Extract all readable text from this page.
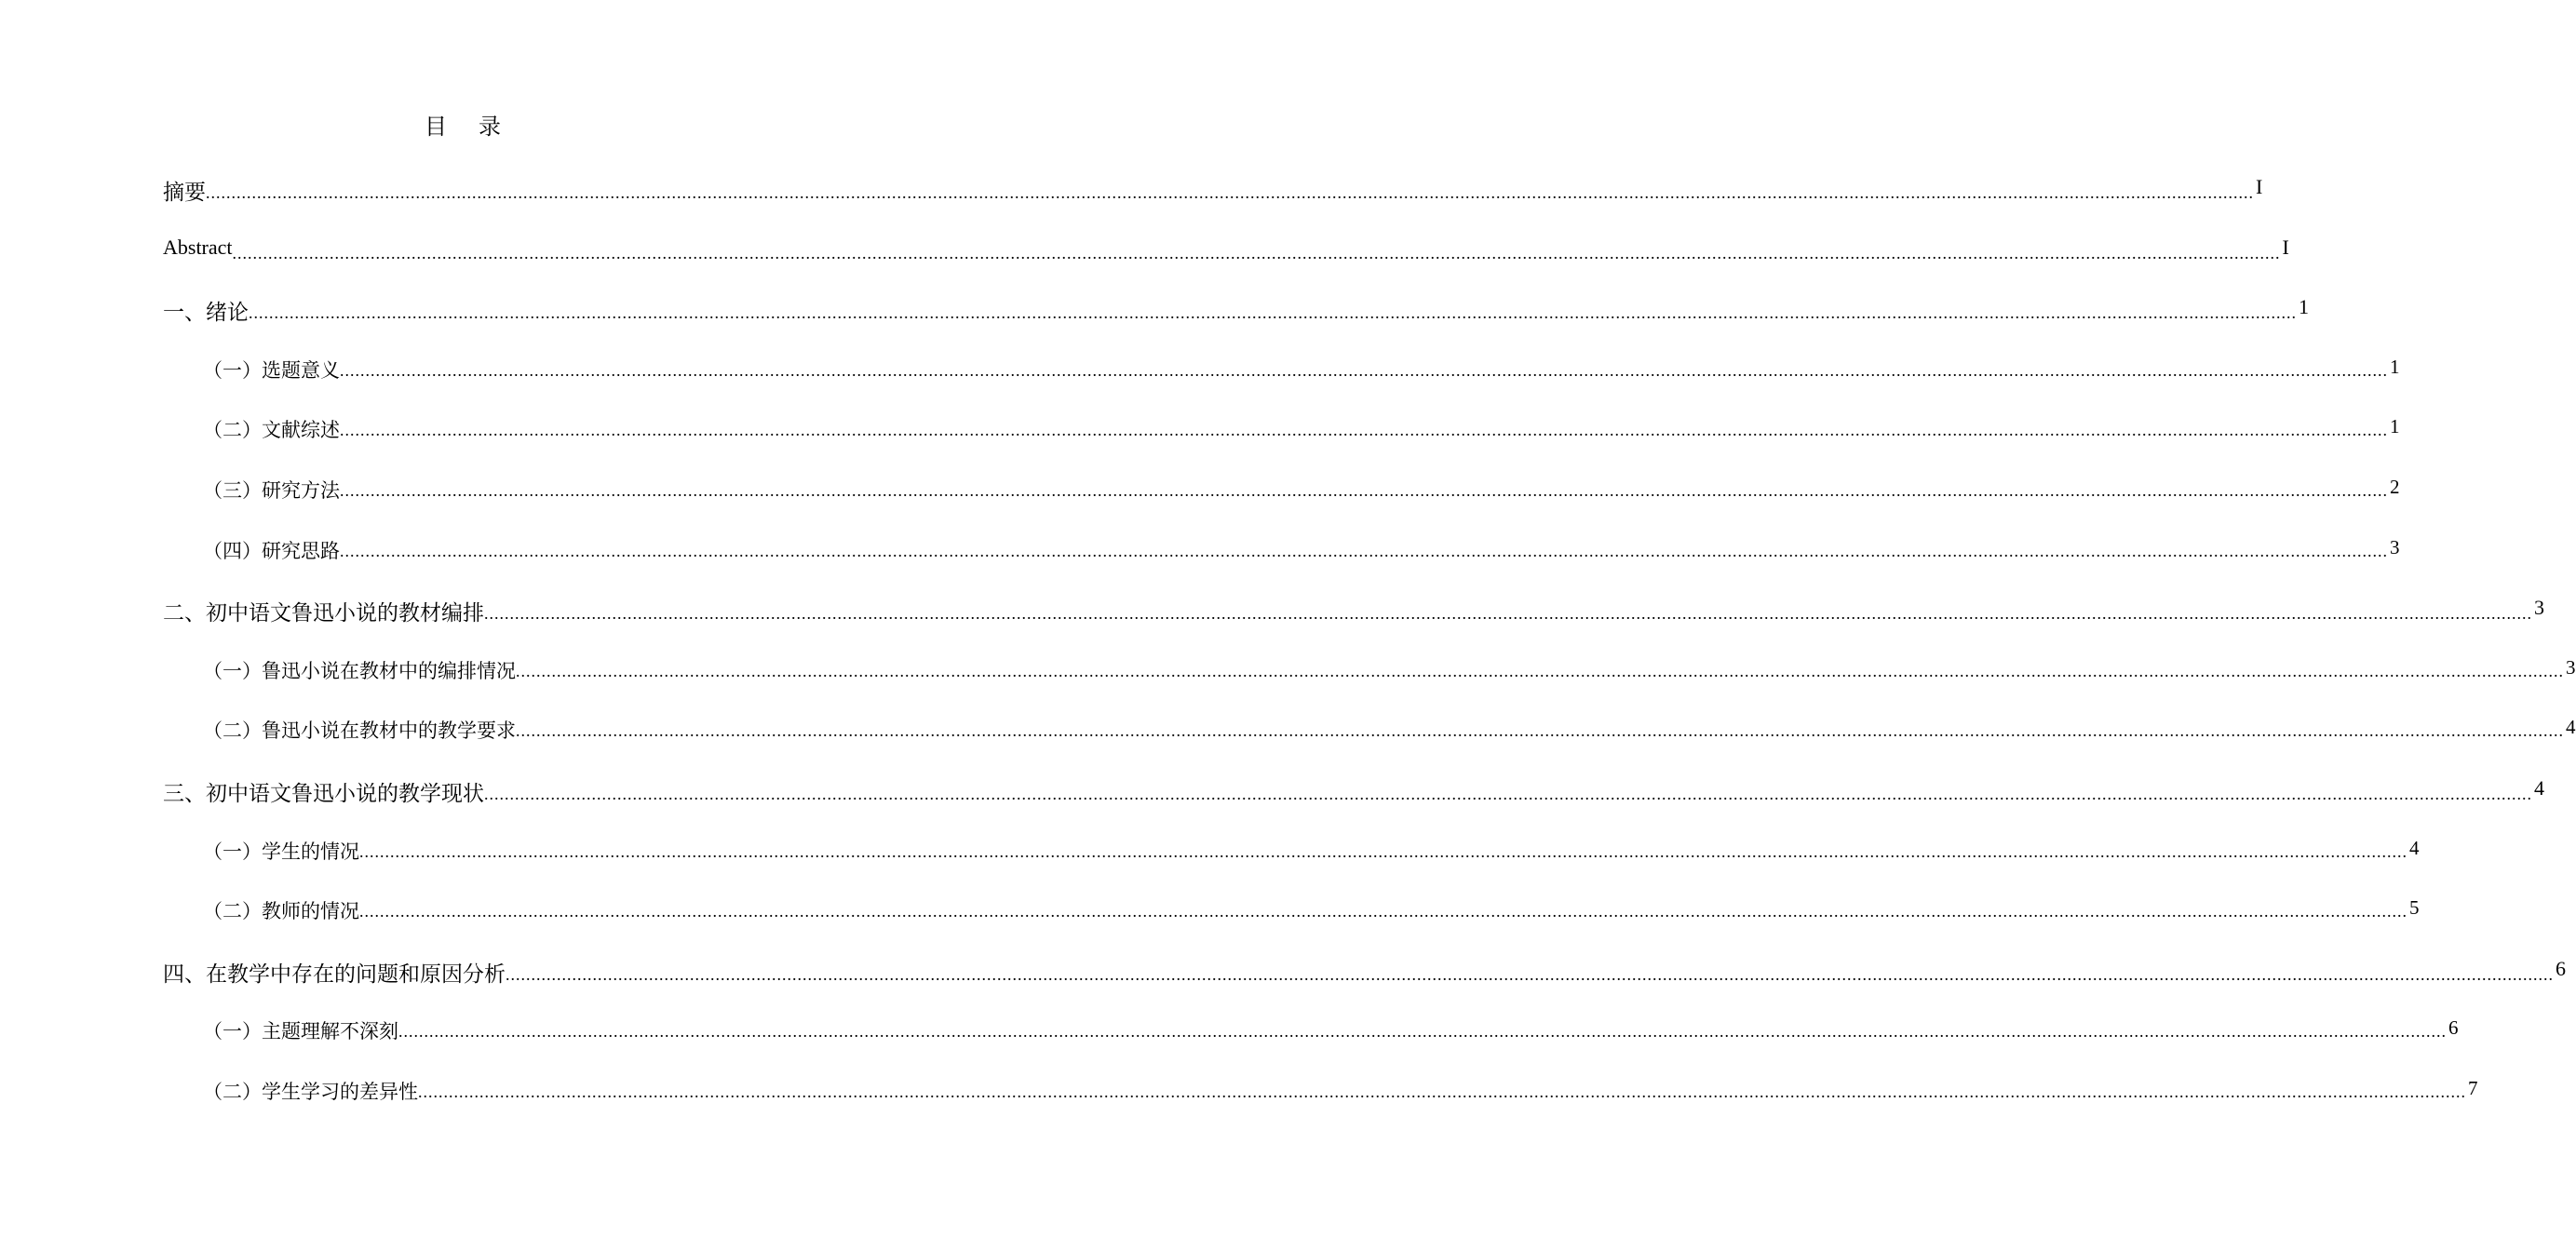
目 录
摘要 ................................................................................................................................................................................................................................................................................................................................................................................................................ I
Abstract ................................................................................................................................................................................................................................................................................................................................................................................................................ I
一、绪论 ................................................................................................................................................................................................................................................................................................................................................................................................................ 1
（一）选题意义 ................................................................................................................................................................................................................................................................................................................................................................................................................ 1
（二）文献综述 ................................................................................................................................................................................................................................................................................................................................................................................................................ 1
（三）研究方法 ................................................................................................................................................................................................................................................................................................................................................................................................................ 2
（四）研究思路 ................................................................................................................................................................................................................................................................................................................................................................................................................ 3
二、初中语文鲁迅小说的教材编排 ................................................................................................................................................................................................................................................................................................................................................................................................................ 3
（一）鲁迅小说在教材中的编排情况 ................................................................................................................................................................................................................................................................................................................................................................................................................ 3
（二）鲁迅小说在教材中的教学要求 ................................................................................................................................................................................................................................................................................................................................................................................................................ 4
三、初中语文鲁迅小说的教学现状 ................................................................................................................................................................................................................................................................................................................................................................................................................ 4
（一）学生的情况 ................................................................................................................................................................................................................................................................................................................................................................................................................ 4
（二）教师的情况 ................................................................................................................................................................................................................................................................................................................................................................................................................ 5
四、在教学中存在的问题和原因分析 ................................................................................................................................................................................................................................................................................................................................................................................................................ 6
（一）主题理解不深刻 ................................................................................................................................................................................................................................................................................................................................................................................................................ 6
（二）学生学习的差异性 ................................................................................................................................................................................................................................................................................................................................................................................................................ 7
